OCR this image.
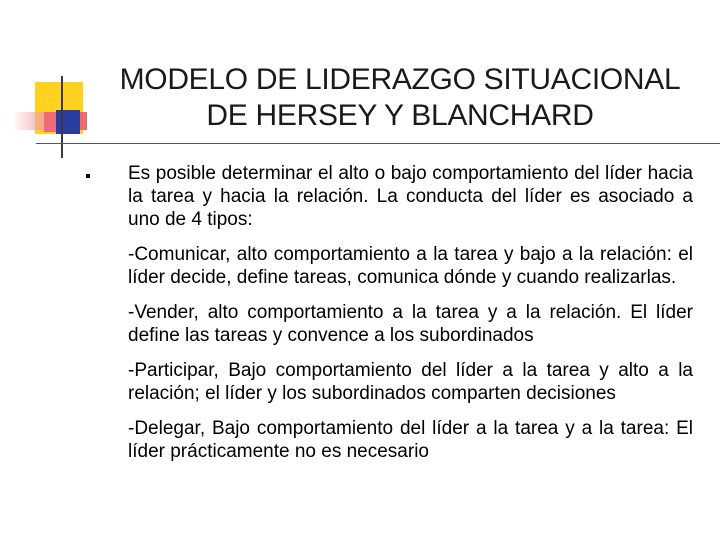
MODELO DE LIDERAZGO SITUACIONAL
DE HERSEY Y BLANCHARD

Es posible determinar el alto o bajo comportamiento del líder hacia la tarea y hacia la relación. La conducta del líder es asociado a uno de 4 tipos:

-Comunicar, alto comportamiento a la tarea y bajo a la relación: el líder decide, define tareas, comunica dónde y cuando realizarlas.

-Vender, alto comportamiento a la tarea y a la relación. El líder define las tareas y convence a los subordinados

-Participar, Bajo comportamiento del líder a la tarea y alto a la relación; el líder y los subordinados comparten decisiones

-Delegar, Bajo comportamiento del líder a la tarea y a la tarea: El líder prácticamente no es necesario
